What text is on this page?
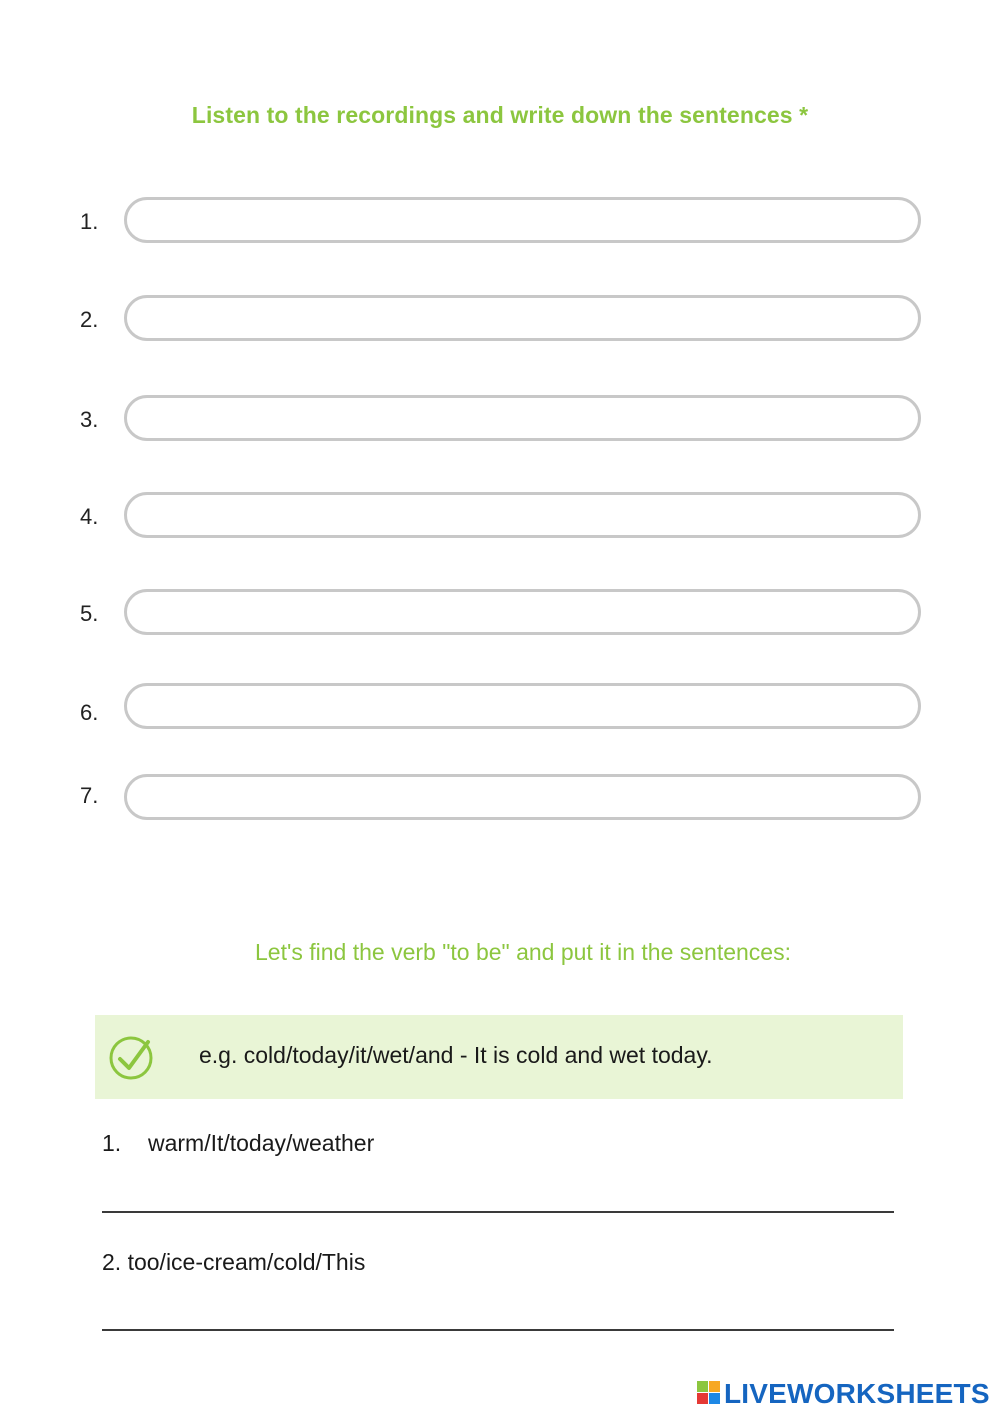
Listen to the recordings and write down the sentences *
1.
2.
3.
4.
5.
6.
7.
Let's find the verb "to be" and put it in the sentences:
e.g. cold/today/it/wet/and - It is cold and wet today.
1. warm/It/today/weather
2. too/ice-cream/cold/This
LIVEWORKSHEETS
